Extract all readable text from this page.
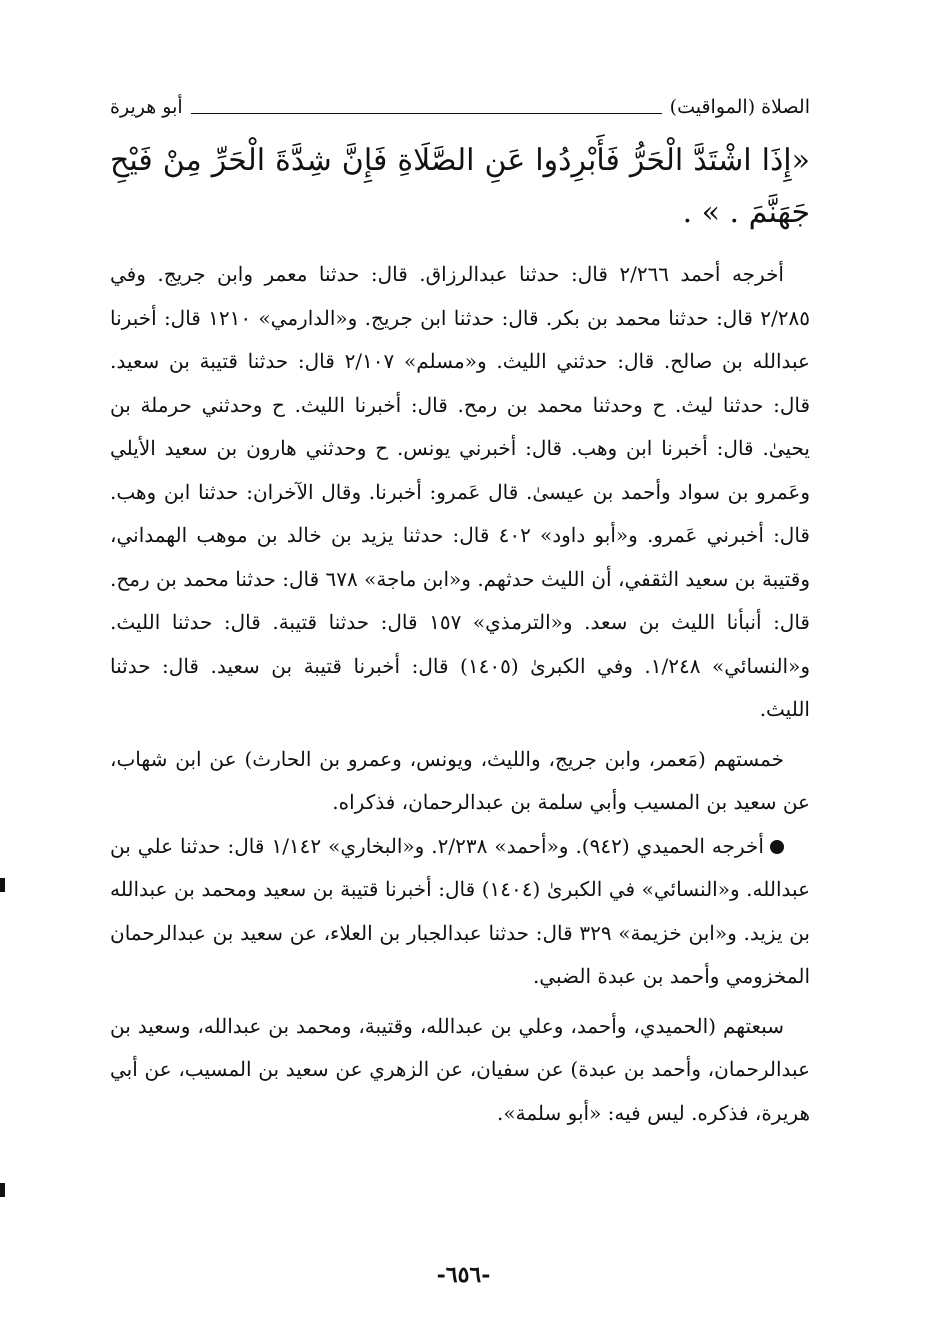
الصلاة (المواقيت)
أبو هريرة

«إِذَا اشْتَدَّ الْحَرُّ فَأَبْرِدُوا عَنِ الصَّلَاةِ فَإِنَّ شِدَّةَ الْحَرِّ مِنْ فَيْحِ جَهَنَّمَ . » .

أخرجه أحمد ٢/٢٦٦ قال: حدثنا عبدالرزاق. قال: حدثنا معمر وابن جريج. وفي ٢/٢٨٥ قال: حدثنا محمد بن بكر. قال: حدثنا ابن جريج. و«الدارمي» ١٢١٠ قال: أخبرنا عبدالله بن صالح. قال: حدثني الليث. و«مسلم» ٢/١٠٧ قال: حدثنا قتيبة بن سعيد. قال: حدثنا ليث. ح وحدثنا محمد بن رمح. قال: أخبرنا الليث. ح وحدثني حرملة بن يحيىٰ. قال: أخبرنا ابن وهب. قال: أخبرني يونس. ح وحدثني هارون بن سعيد الأيلي وعَمرو بن سواد وأحمد بن عيسىٰ. قال عَمرو: أخبرنا. وقال الآخران: حدثنا ابن وهب. قال: أخبرني عَمرو. و«أبو داود» ٤٠٢ قال: حدثنا يزيد بن خالد بن موهب الهمداني، وقتيبة بن سعيد الثقفي، أن الليث حدثهم. و«ابن ماجة» ٦٧٨ قال: حدثنا محمد بن رمح. قال: أنبأنا الليث بن سعد. و«الترمذي» ١٥٧ قال: حدثنا قتيبة. قال: حدثنا الليث. و«النسائي» ١/٢٤٨. وفي الكبرىٰ (١٤٠٥) قال: أخبرنا قتيبة بن سعيد. قال: حدثنا الليث.

خمستهم (مَعمر، وابن جريج، والليث، ويونس، وعمرو بن الحارث) عن ابن شهاب، عن سعيد بن المسيب وأبي سلمة بن عبدالرحمان، فذكراه.

أخرجه الحميدي (٩٤٢). و«أحمد» ٢/٢٣٨. و«البخاري» ١/١٤٢ قال: حدثنا علي بن عبدالله. و«النسائي» في الكبرىٰ (١٤٠٤) قال: أخبرنا قتيبة بن سعيد ومحمد بن عبدالله بن يزيد. و«ابن خزيمة» ٣٢٩ قال: حدثنا عبدالجبار بن العلاء، عن سعيد بن عبدالرحمان المخزومي وأحمد بن عبدة الضبي.

سبعتهم (الحميدي، وأحمد، وعلي بن عبدالله، وقتيبة، ومحمد بن عبدالله، وسعيد بن عبدالرحمان، وأحمد بن عبدة) عن سفيان، عن الزهري عن سعيد بن المسيب، عن أبي هريرة، فذكره. ليس فيه: «أبو سلمة».

-٦٥٦-
